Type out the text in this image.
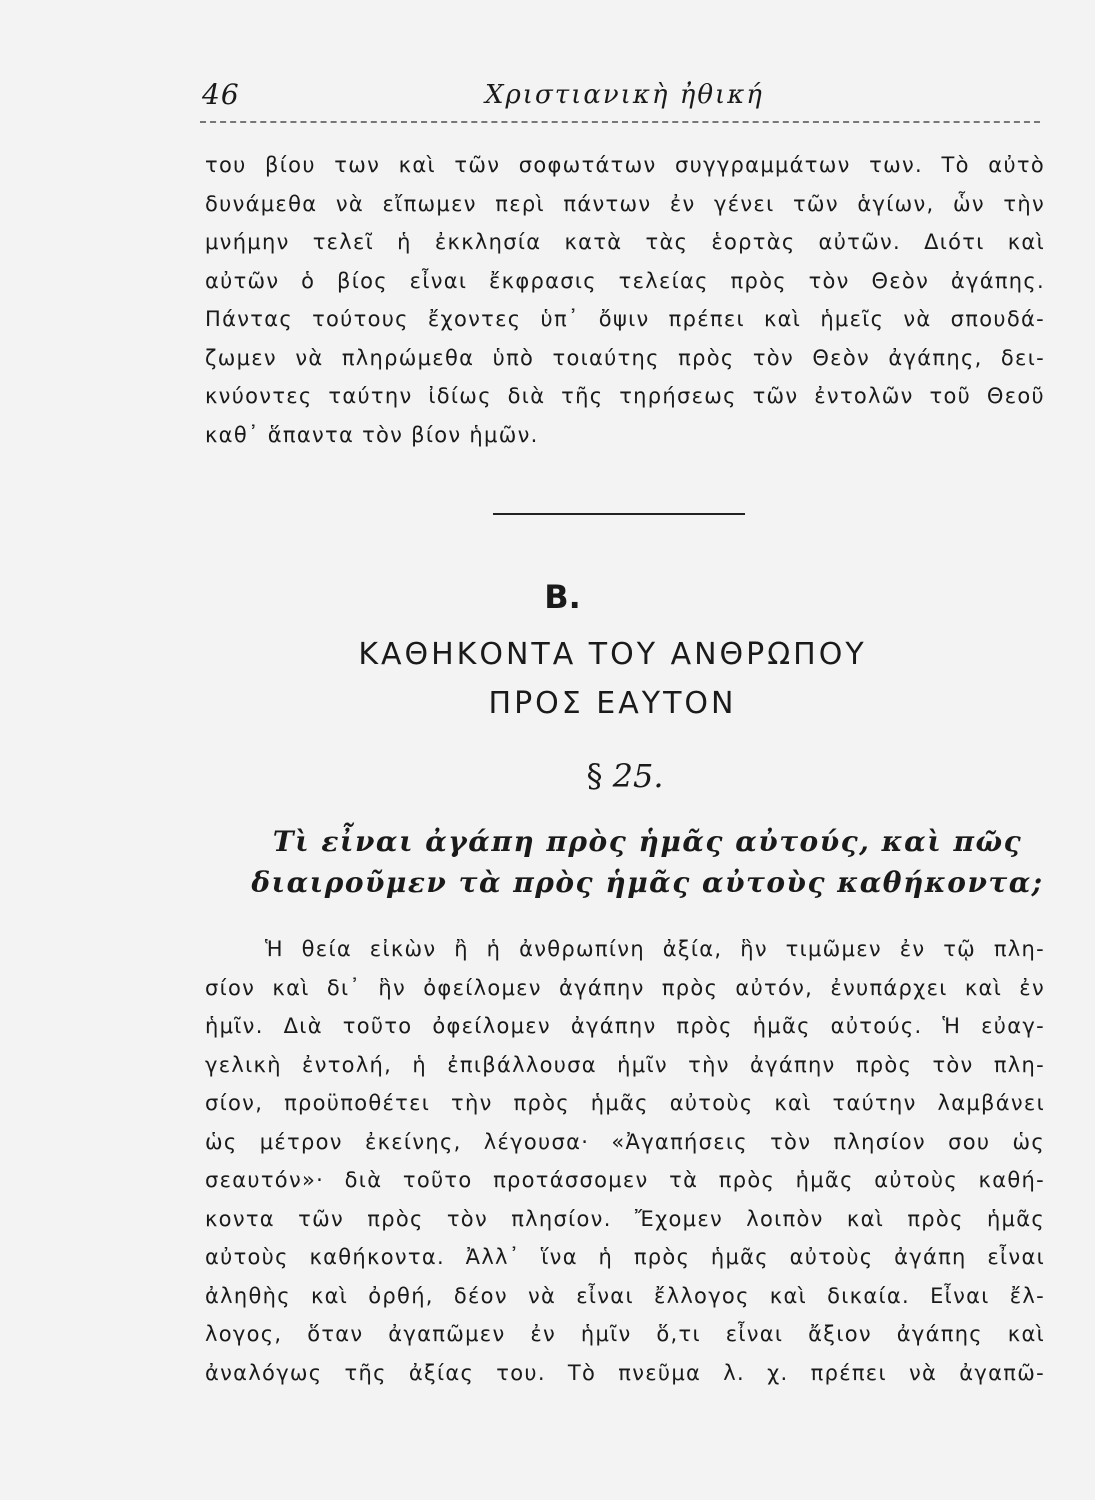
46	Χριστιανικὴ ἠθική
του βίου των καὶ τῶν σοφωτάτων συγγραμμάτων των. Τὸ αὐτὸ
δυνάμεθα νὰ εἴπωμεν περὶ πάντων ἐν γένει τῶν ἁγίων, ὧν τὴν
μνήμην τελεῖ ἡ ἐκκλησία κατὰ τὰς ἑορτὰς αὐτῶν. Διότι καὶ
αὐτῶν ὁ βίος εἶναι ἔκφρασις τελείας πρὸς τὸν Θεὸν ἀγάπης.
Πάντας τούτους ἔχοντες ὑπ᾿ ὄψιν πρέπει καὶ ἡμεῖς νὰ σπουδά-
ζωμεν νὰ πληρώμεθα ὑπὸ τοιαύτης πρὸς τὸν Θεὸν ἀγάπης, δει-
κνύοντες ταύτην ἰδίως διὰ τῆς τηρήσεως τῶν ἐντολῶν τοῦ Θεοῦ
καθ᾿ ἅπαντα τὸν βίον ἡμῶν.
Β.
ΚΑΘΗΚΟΝΤΑ ΤΟΥ ΑΝΘΡΩΠΟΥ
ΠΡΟΣ ΕΑΥΤΟΝ
§ 25.
Τὶ εἶναι ἀγάπη πρὸς ἡμᾶς αὐτούς, καὶ πῶς
διαιροῦμεν τὰ πρὸς ἡμᾶς αὐτοὺς καθήκοντα;
Ἡ θεία εἰκὼν ἢ ἡ ἀνθρωπίνη ἀξία, ἣν τιμῶμεν ἐν τῷ πλη-
σίον καὶ δι᾿ ἣν ὀφείλομεν ἀγάπην πρὸς αὐτόν, ἐνυπάρχει καὶ ἐν
ἡμῖν. Διὰ τοῦτο ὀφείλομεν ἀγάπην πρὸς ἡμᾶς αὐτούς. Ἡ εὐαγ-
γελικὴ ἐντολή, ἡ ἐπιβάλλουσα ἡμῖν τὴν ἀγάπην πρὸς τὸν πλη-
σίον, προϋποθέτει τὴν πρὸς ἡμᾶς αὐτοὺς καὶ ταύτην λαμβάνει
ὡς μέτρον ἐκείνης, λέγουσα· «Ἀγαπήσεις τὸν πλησίον σου ὡς
σεαυτόν»· διὰ τοῦτο προτάσσομεν τὰ πρὸς ἡμᾶς αὐτοὺς καθή-
κοντα τῶν πρὸς τὸν πλησίον. Ἔχομεν λοιπὸν καὶ πρὸς ἡμᾶς
αὐτοὺς καθήκοντα. Ἀλλ᾿ ἵνα ἡ πρὸς ἡμᾶς αὐτοὺς ἀγάπη εἶναι
ἀληθὴς καὶ ὀρθή, δέον νὰ εἶναι ἔλλογος καὶ δικαία. Εἶναι ἔλ-
λογος, ὅταν ἀγαπῶμεν ἐν ἡμῖν ὅ,τι εἶναι ἄξιον ἀγάπης καὶ
ἀναλόγως τῆς ἀξίας του. Τὸ πνεῦμα λ. χ. πρέπει νὰ ἀγαπῶ-
